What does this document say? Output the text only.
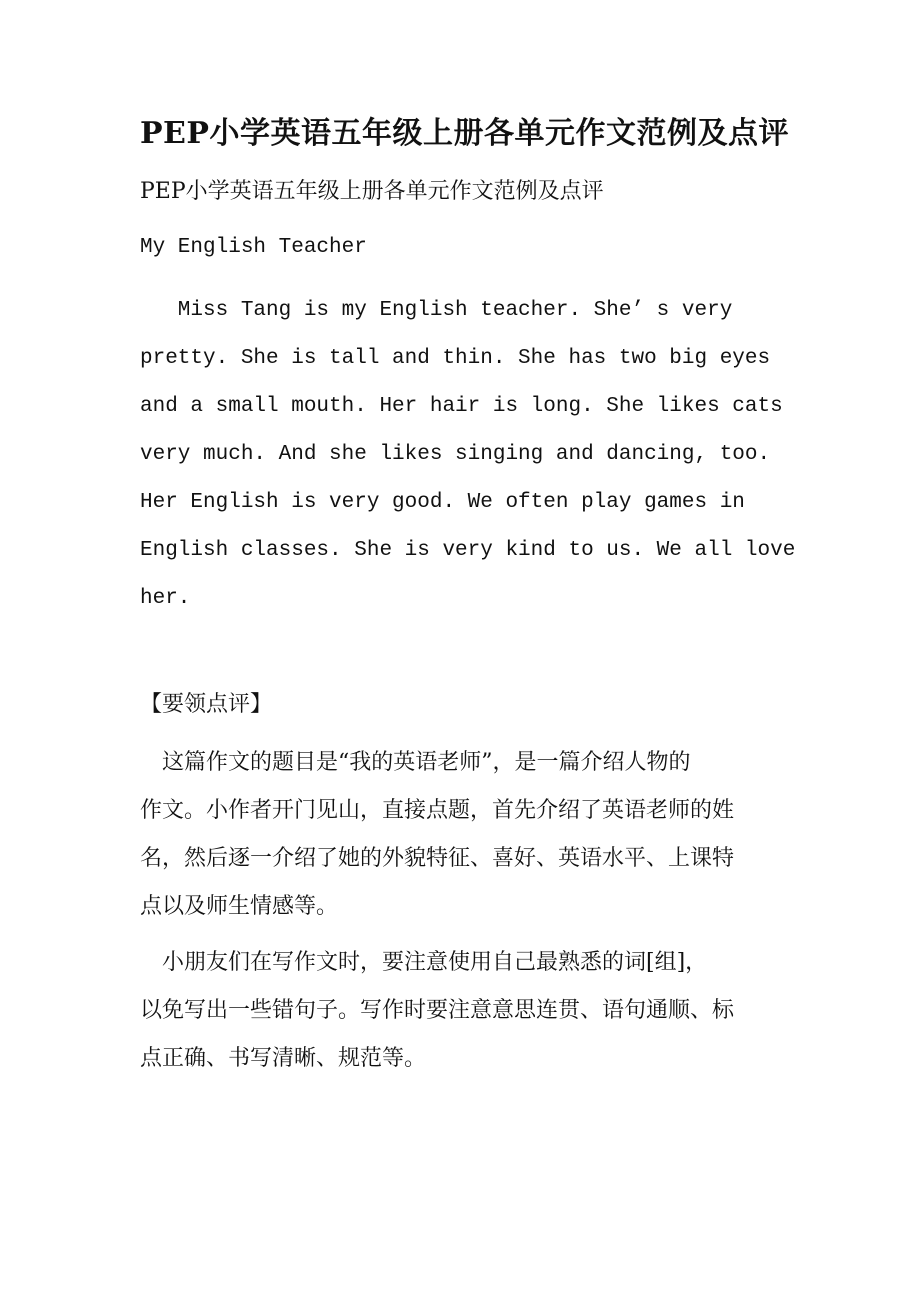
PEP小学英语五年级上册各单元作文范例及点评
PEP小学英语五年级上册各单元作文范例及点评
My English Teacher
Miss Tang is my English teacher. She’ s very
pretty. She is tall and thin. She has two big eyes
and a small mouth. Her hair is long. She likes cats
very much. And she likes singing and dancing, too.
Her English is very good. We often play games in
English classes. She is very kind to us. We all love
her.
【要领点评】
　这篇作文的题目是“我的英语老师”，是一篇介绍人物的
作文。小作者开门见山，直接点题，首先介绍了英语老师的姓
名，然后逐一介绍了她的外貌特征、喜好、英语水平、上课特
点以及师生情感等。
　小朋友们在写作文时，要注意使用自己最熟悉的词[组]，
以免写出一些错句子。写作时要注意意思连贯、语句通顺、标
点正确、书写清晰、规范等。
